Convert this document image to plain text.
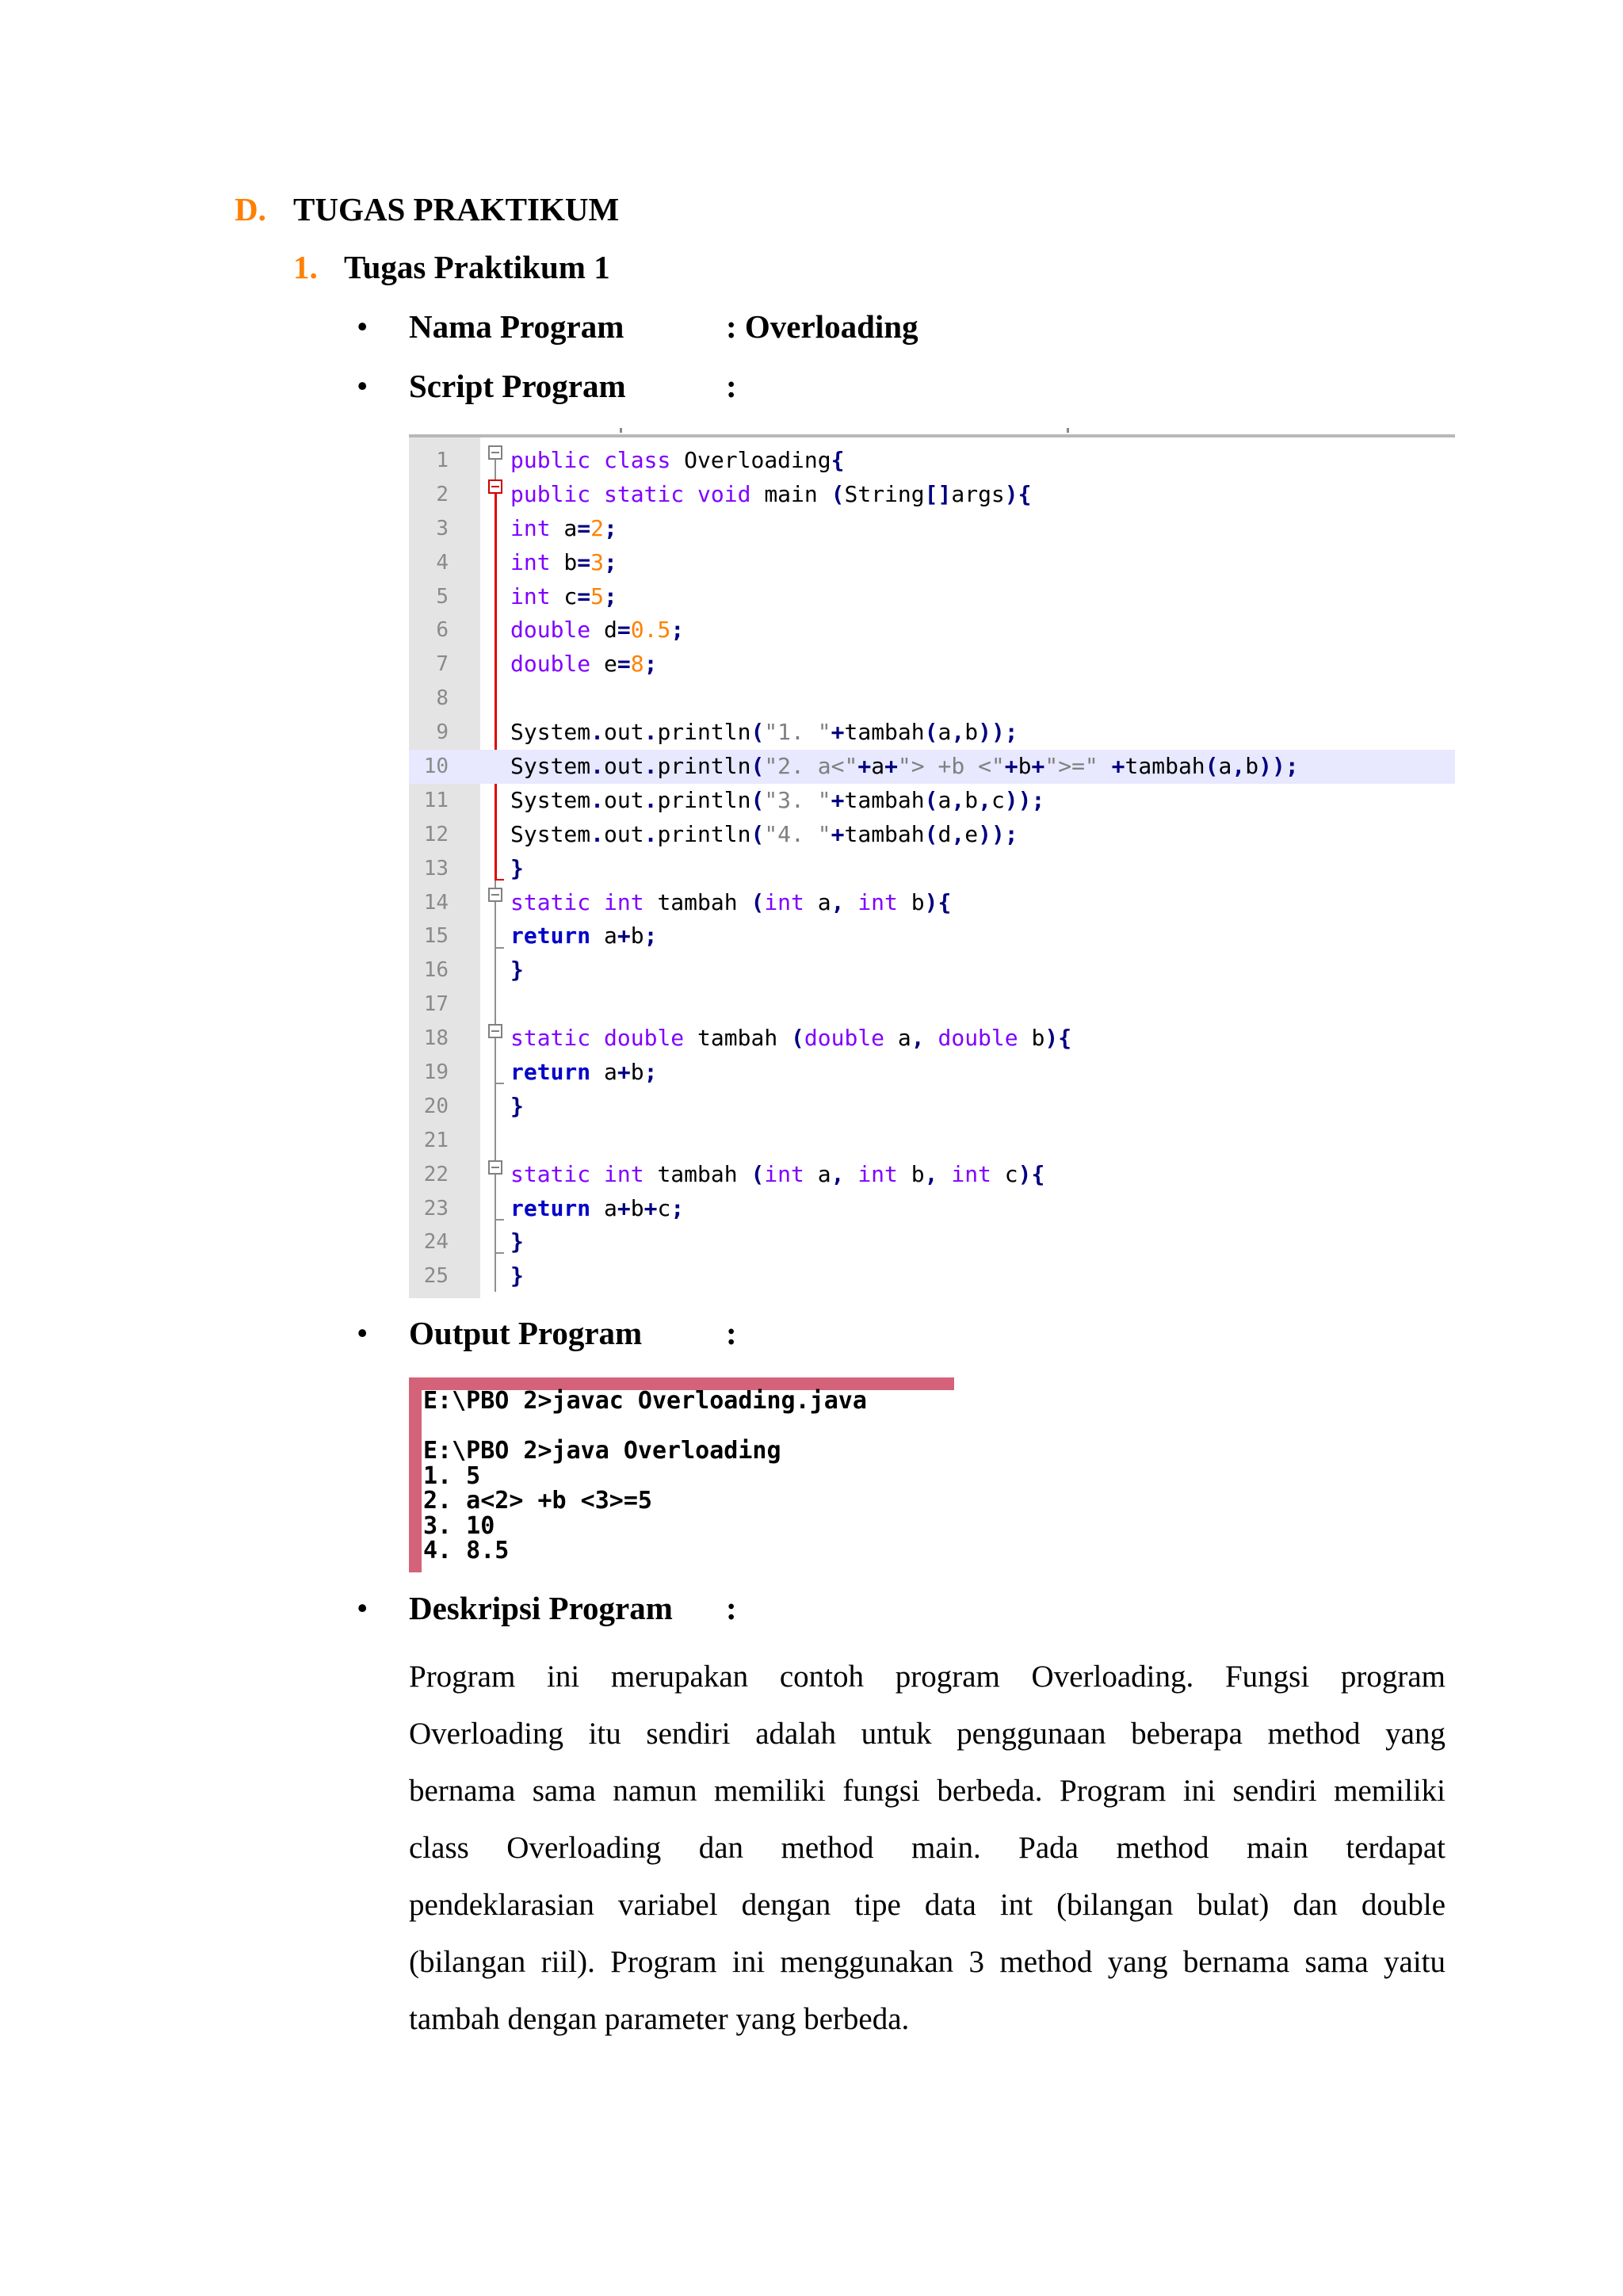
D. TUGAS PRAKTIKUM
1. Tugas Praktikum 1
• Nama Program	: Overloading
• Script Program	:
1	public class Overloading{
2	public static void main (String[]args){
3	int a=2;
4	int b=3;
5	int c=5;
6	double d=0.5;
7	double e=8;
8
9	System.out.println("1. "+tambah(a,b));
10	System.out.println("2. a<"+a+"> +b <"+b+">=" +tambah(a,b));
11	System.out.println("3. "+tambah(a,b,c));
12	System.out.println("4. "+tambah(d,e));
13	}
14	static int tambah (int a, int b){
15	return a+b;
16	}
17
18	static double tambah (double a, double b){
19	return a+b;
20	}
21
22	static int tambah (int a, int b, int c){
23	return a+b+c;
24	}
25	}
• Output Program	:
E:\PBO 2>javac Overloading.java

E:\PBO 2>java Overloading
1. 5
2. a<2> +b <3>=5
3. 10
4. 8.5
• Deskripsi Program :

Program ini merupakan contoh program Overloading. Fungsi program
Overloading itu sendiri adalah untuk penggunaan beberapa method yang
bernama sama namun memiliki fungsi berbeda. Program ini sendiri memiliki
class Overloading dan method main. Pada method main terdapat
pendeklarasian variabel dengan tipe data int (bilangan bulat) dan double
(bilangan riil). Program ini menggunakan 3 method yang bernama sama yaitu
tambah dengan parameter yang berbeda.
